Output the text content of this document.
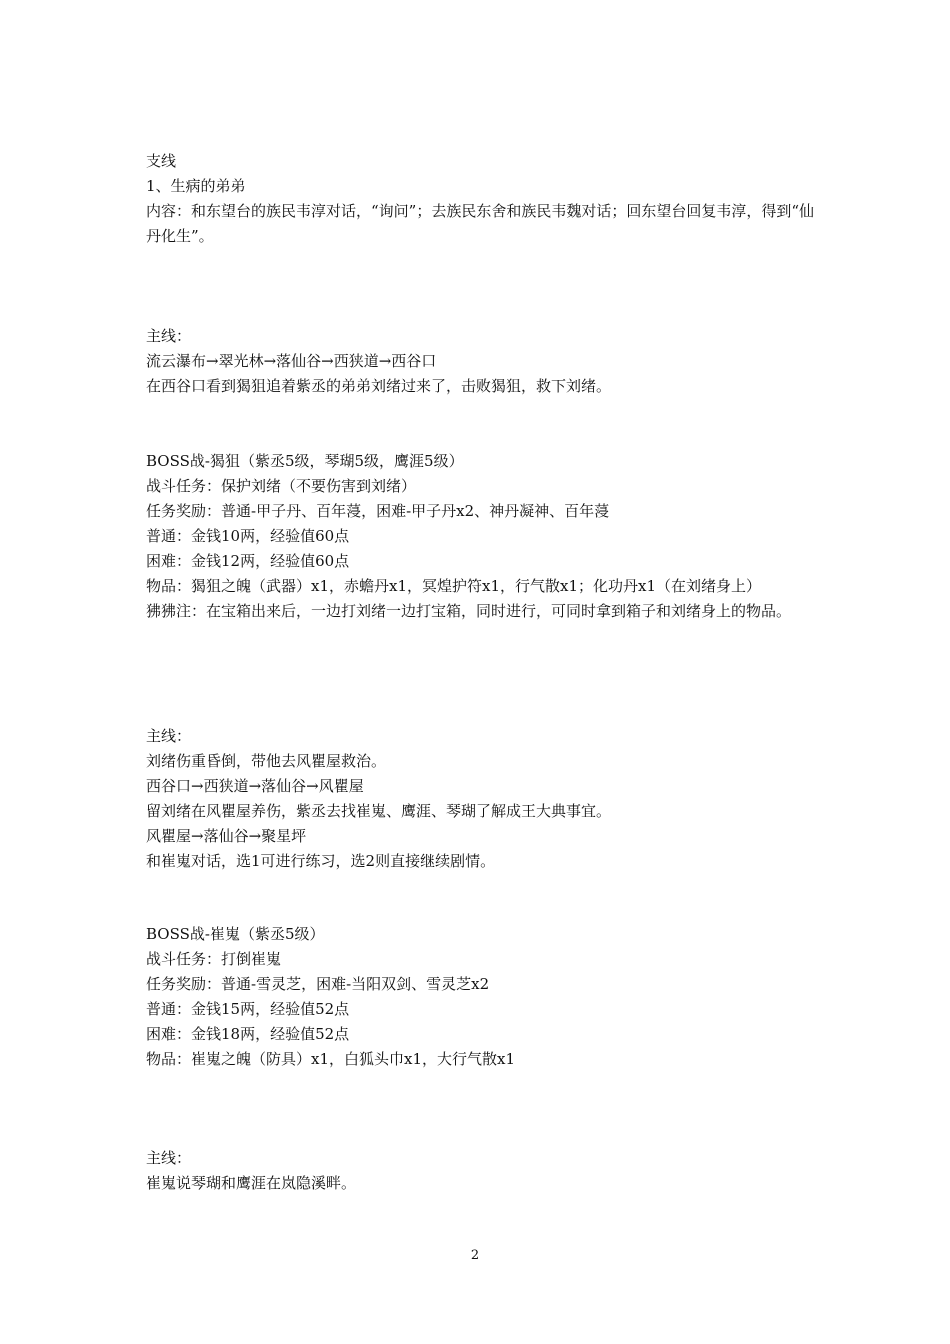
支线
1、生病的弟弟
内容：和东望台的族民韦淳对话，“询问”；去族民东舍和族民韦魏对话；回东望台回复韦淳，得到“仙丹化生”。
主线：
流云瀑布→翠光林→落仙谷→西狭道→西谷口
在西谷口看到猲狙追着紫丞的弟弟刘绪过来了，击败猲狙，救下刘绪。
BOSS战-猲狙（紫丞5级，琴瑚5级，鹰涯5级）
战斗任务：保护刘绪（不要伤害到刘绪）
任务奖励：普通-甲子丹、百年蓡，困难-甲子丹x2、神丹凝神、百年蓡
普通：金钱10两，经验值60点
困难：金钱12两，经验值60点
物品：猲狙之魄（武器）x1，赤蟾丹x1，冥煌护符x1，行气散x1；化功丹x1（在刘绪身上）
狒狒注：在宝箱出来后，一边打刘绪一边打宝箱，同时进行，可同时拿到箱子和刘绪身上的物品。
主线：
刘绪伤重昏倒，带他去风瞿屋救治。
西谷口→西狭道→落仙谷→风瞿屋
留刘绪在风瞿屋养伤，紫丞去找崔嵬、鹰涯、琴瑚了解成王大典事宜。
风瞿屋→落仙谷→聚星坪
和崔嵬对话，选1可进行练习，选2则直接继续剧情。
BOSS战-崔嵬（紫丞5级）
战斗任务：打倒崔嵬
任务奖励：普通-雪灵芝，困难-当阳双剑、雪灵芝x2
普通：金钱15两，经验值52点
困难：金钱18两，经验值52点
物品：崔嵬之魄（防具）x1，白狐头巾x1，大行气散x1
主线：
崔嵬说琴瑚和鹰涯在岚隐溪畔。
2
